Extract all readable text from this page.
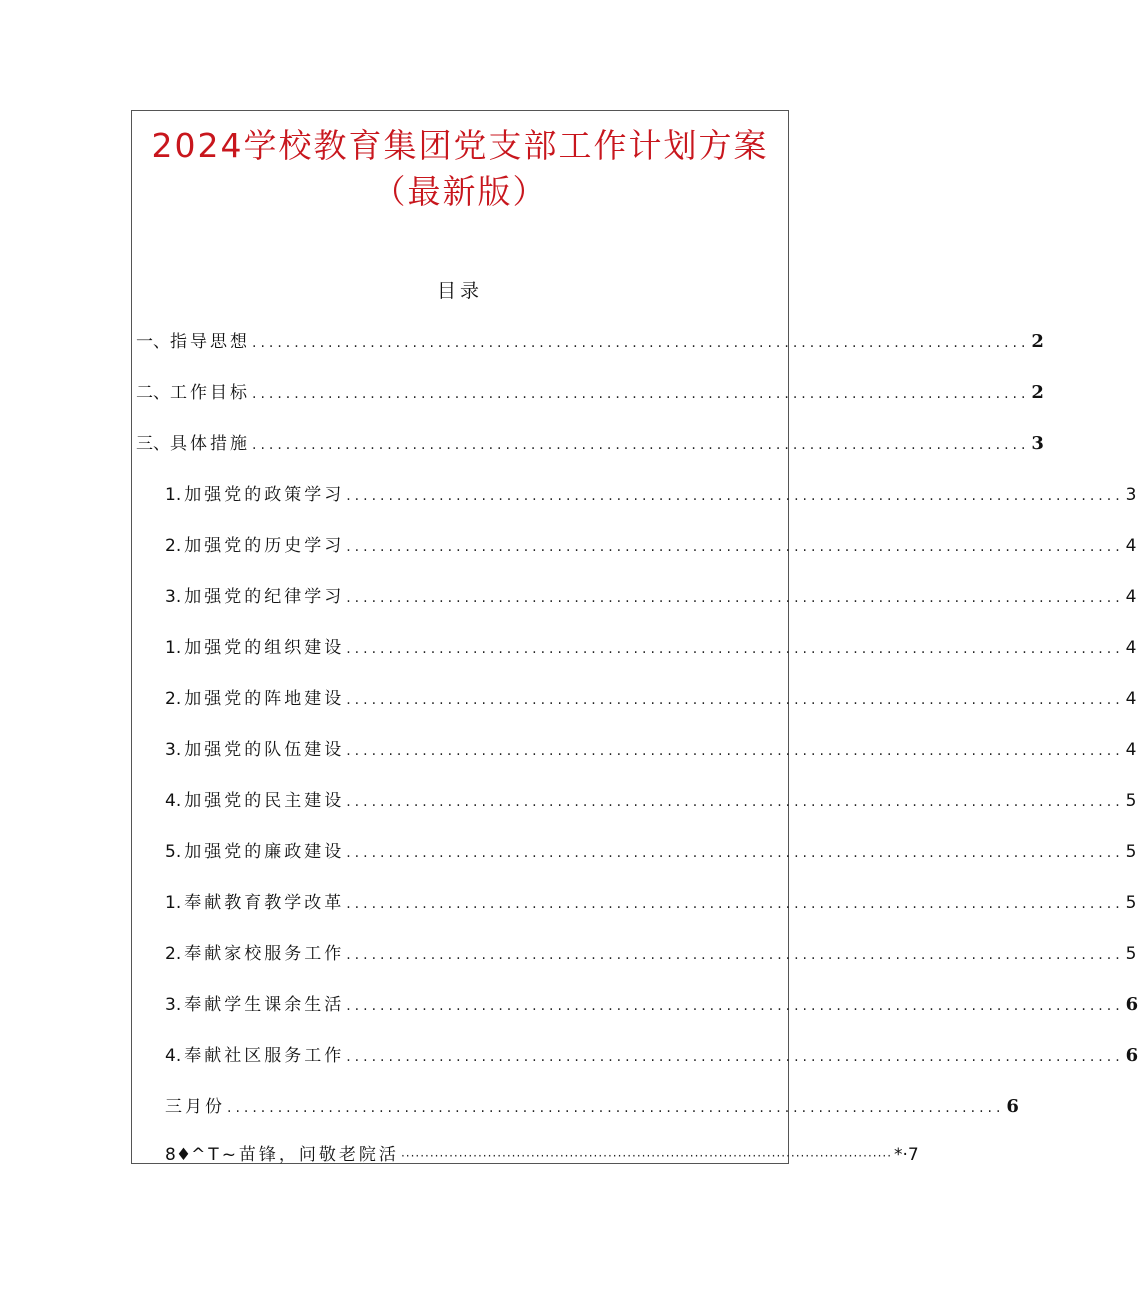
2024学校教育集团党支部工作计划方案
（最新版）
目录
一、 指导思想 ............................................................................................ 2
二、 工作目标 ............................................................................................ 2
三、 具体措施 ............................................................................................ 3
1 .加强党的政策学习 ............................................................................................ 3
2 .加强党的历史学习 ............................................................................................ 4
3 .加强党的纪律学习 ............................................................................................ 4
1 .加强党的组织建设 ............................................................................................ 4
2 .加强党的阵地建设 ............................................................................................ 4
3 .加强党的队伍建设 ............................................................................................ 4
4 .加强党的民主建设 ............................................................................................ 5
5 .加强党的廉政建设 ............................................................................................ 5
1 .奉献教育教学改革 ............................................................................................ 5
2 .奉献家校服务工作 ............................................................................................ 5
3 .奉献学生课余生活 ............................................................................................ 6
4 .奉献社区服务工作 ............................................................................................ 6
三月份 ............................................................................................ 6
8♦ ^T~苗锋，问敬老院活 ······································································································ *·7
